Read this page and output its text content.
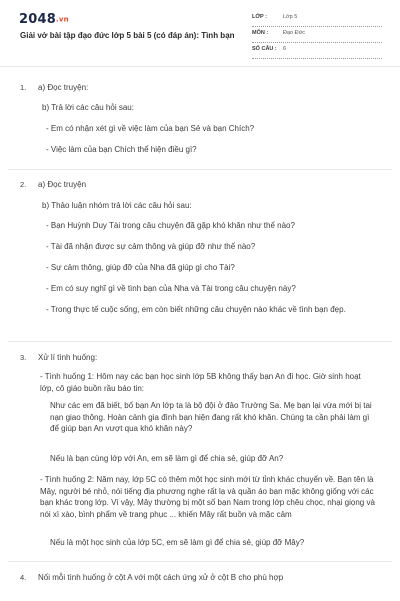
2048.vn
Giải vở bài tập đạo đức lớp 5 bài 5 (có đáp án): Tình bạn
LỚP :	Lớp 5
MÔN :	Đạo Đức
SỐ CÂU : 6
1. a) Đọc truyện:
b) Trả lời các câu hỏi sau:
- Em có nhận xét gì về việc làm của bạn Sẻ và bạn Chích?
- Việc làm của bạn Chích thể hiện điều gì?
2. a) Đọc truyện
b) Thảo luận nhóm trả lời các câu hỏi sau:
- Bạn Huỳnh Duy Tài trong câu chuyện đã gặp khó khăn như thế nào?
- Tài đã nhận được sự cảm thông và giúp đỡ như thế nào?
- Sự cảm thông, giúp đỡ của Nha đã giúp gì cho Tài?
- Em có suy nghĩ gì về tình bạn của Nha và Tài trong câu chuyện này?
- Trong thực tế cuộc sống, em còn biết những câu chuyện nào khác về tình bạn đẹp.
3. Xử lí tình huống:
- Tình huống 1: Hôm nay các bạn học sinh lớp 5B không thấy bạn An đi học. Giờ sinh hoạt lớp, cô giáo buồn rầu báo tin:
Như các em đã biết, bố bạn An lớp ta là bộ đội ở đảo Trường Sa. Mẹ bạn lại vừa mới bị tai nạn giao thông. Hoàn cảnh gia đình bạn hiện đang rất khó khăn. Chúng ta cần phải làm gì để giúp bạn An vượt qua khó khăn này?
Nếu là bạn cùng lớp với An, em sẽ làm gì để chia sẻ, giúp đỡ An?
- Tình huống 2: Năm nay, lớp 5C có thêm một học sinh mới từ tỉnh khác chuyển về. Bạn tên là Mây, người bé nhỏ, nói tiếng địa phương nghe rất lạ và quần áo bạn mặc không giống với các bạn khác trong lớp. Vì vậy, Mây thường bị một số bạn Nam trong lớp chêu chọc, nhại giọng và nói xì xào, bình phẩm về trang phục ... khiến Mây rất buồn và mặc cảm
Nếu là một học sinh của lớp 5C, em sẽ làm gì để chia sẻ, giúp đỡ Mây?
4. Nối mỗi tình huống ở cột A với một cách ứng xử ở cột B cho phù hợp
